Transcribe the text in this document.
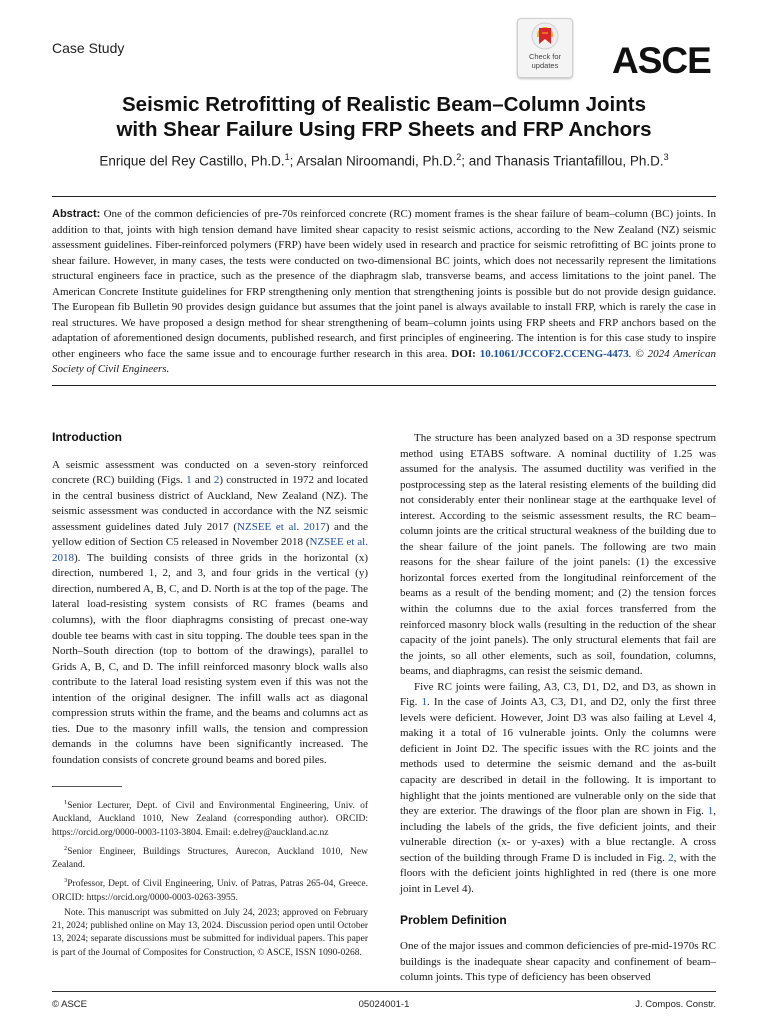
Case Study
Check for updates	ASCE
Seismic Retrofitting of Realistic Beam–Column Joints
with Shear Failure Using FRP Sheets and FRP Anchors
Enrique del Rey Castillo, Ph.D.$^1$; Arsalan Niroomandi, Ph.D.$^2$; and Thanasis Triantafillou, Ph.D.$^3$
Abstract: One of the common deficiencies of pre-70s reinforced concrete (RC) moment frames is the shear failure of beam–column (BC) joints. In addition to that, joints with high tension demand have limited shear capacity to resist seismic actions, according to the New Zealand (NZ) seismic assessment guidelines. Fiber-reinforced polymers (FRP) have been widely used in research and practice for seismic retrofitting of BC joints prone to shear failure. However, in many cases, the tests were conducted on two-dimensional BC joints, which does not necessarily represent the limitations structural engineers face in practice, such as the presence of the diaphragm slab, transverse beams, and access limitations to the joint panel. The American Concrete Institute guidelines for FRP strengthening only mention that strengthening joints is possible but do not provide design guidance. The European fib Bulletin 90 provides design guidance but assumes that the joint panel is always available to install FRP, which is rarely the case in real structures. We have proposed a design method for shear strengthening of beam–column joints using FRP sheets and FRP anchors based on the adaptation of aforementioned design documents, published research, and first principles of engineering. The intention is for this case study to inspire other engineers who face the same issue and to encourage further research in this area. DOI: 10.1061/JCCOF2.CCENG-4473. © 2024 American Society of Civil Engineers.
Introduction

A seismic assessment was conducted on a seven-story reinforced concrete (RC) building (Figs. 1 and 2) constructed in 1972 and located in the central business district of Auckland, New Zealand (NZ). The seismic assessment was conducted in accordance with the NZ seismic assessment guidelines dated July 2017 (NZSEE et al. 2017) and the yellow edition of Section C5 released in November 2018 (NZSEE et al. 2018). The building consists of three grids in the horizontal (x) direction, numbered 1, 2, and 3, and four grids in the vertical (y) direction, numbered A, B, C, and D. North is at the top of the page. The lateral load-resisting system consists of RC frames (beams and columns), with the floor diaphragms consisting of precast one-way double tee beams with cast in situ topping. The double tees span in the North–South direction (top to bottom of the drawings), parallel to Grids A, B, C, and D. The infill reinforced masonry block walls also contribute to the lateral load resisting system even if this was not the intention of the original designer. The infill walls act as diagonal compression struts within the frame, and the beams and columns act as ties. Due to the masonry infill walls, the tension and compression demands in the columns have been significantly increased. The foundation consists of concrete ground beams and bored piles.

$^1$Senior Lecturer, Dept. of Civil and Environmental Engineering, Univ. of Auckland, Auckland 1010, New Zealand (corresponding author). ORCID: https://orcid.org/0000-0003-1103-3804. Email: e.delrey@auckland.ac.nz

$^2$Senior Engineer, Buildings Structures, Aurecon, Auckland 1010, New Zealand.

$^3$Professor, Dept. of Civil Engineering, Univ. of Patras, Patras 265-04, Greece. ORCID: https://orcid.org/0000-0003-0263-3955.

Note. This manuscript was submitted on July 24, 2023; approved on February 21, 2024; published online on May 13, 2024. Discussion period open until October 13, 2024; separate discussions must be submitted for individual papers. This paper is part of the Journal of Composites for Construction, © ASCE, ISSN 1090-0268.

The structure has been analyzed based on a 3D response spectrum method using ETABS software. A nominal ductility of 1.25 was assumed for the analysis. The assumed ductility was verified in the postprocessing step as the lateral resisting elements of the building did not considerably enter their nonlinear stage at the earthquake level of interest. According to the seismic assessment results, the RC beam–column joints are the critical structural weakness of the building due to the shear failure of the joint panels. The following are two main reasons for the shear failure of the joint panels: (1) the excessive horizontal forces exerted from the longitudinal reinforcement of the beams as a result of the bending moment; and (2) the tension forces within the columns due to the axial forces transferred from the reinforced masonry block walls (resulting in the reduction of the shear capacity of the joint panels). The only structural elements that fail are the joints, so all other elements, such as soil, foundation, columns, beams, and diaphragms, can resist the seismic demand.

Five RC joints were failing, A3, C3, D1, D2, and D3, as shown in Fig. 1. In the case of Joints A3, C3, D1, and D2, only the first three levels were deficient. However, Joint D3 was also failing at Level 4, making it a total of 16 vulnerable joints. Only the columns were deficient in Joint D2. The specific issues with the RC joints and the methods used to determine the seismic demand and the as-built capacity are described in detail in the following. It is important to highlight that the joints mentioned are vulnerable only on the side that they are exterior. The drawings of the floor plan are shown in Fig. 1, including the labels of the grids, the five deficient joints, and their vulnerable direction (x- or y-axes) with a blue rectangle. A cross section of the building through Frame D is included in Fig. 2, with the floors with the deficient joints highlighted in red (there is one more joint in Level 4).

Problem Definition

One of the major issues and common deficiencies of pre-mid-1970s RC buildings is the inadequate shear capacity and confinement of beam–column joints. This type of deficiency has been observed

© ASCE	05024001-1	J. Compos. Constr.
